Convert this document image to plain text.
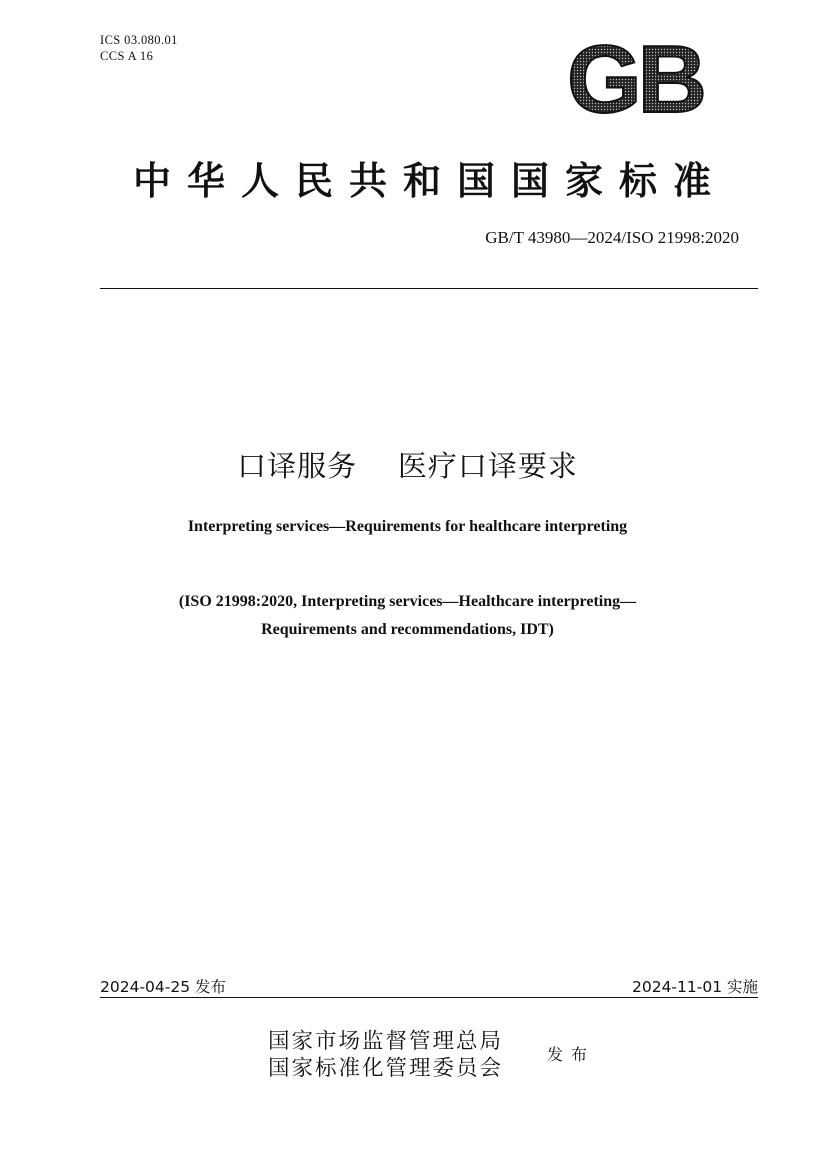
ICS 03.080.01
CCS A 16	GB
中华人民共和国国家标准
GB/T 43980—2024/ISO 21998:2020
口译服务    医疗口译要求
Interpreting services—Requirements for healthcare interpreting
(ISO 21998:2020, Interpreting services—Healthcare interpreting—
Requirements and recommendations, IDT)
2024-04-25 发布	2024-11-01 实施
国家市场监督管理总局
国家标准化管理委员会
发布
